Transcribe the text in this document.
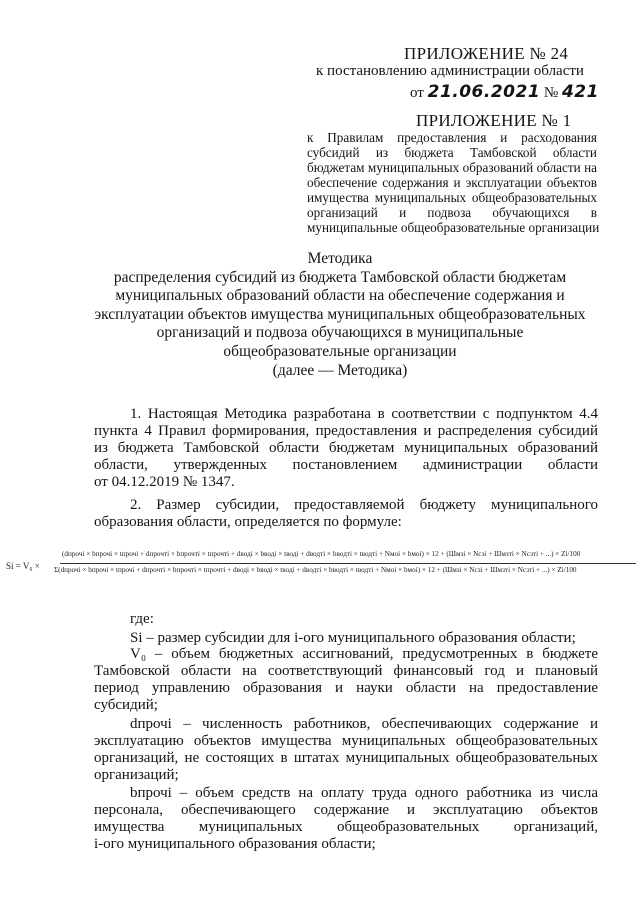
ПРИЛОЖЕНИЕ № 24
к постановлению администрации области
от 21.06.2021 № 421
ПРИЛОЖЕНИЕ № 1
к Правилам предоставления и расходования
субсидий из бюджета Тамбовской области
бюджетам муниципальных образований области на
обеспечение содержания и эксплуатации объектов
имущества муниципальных общеобразовательных
организаций и подвоза обучающихся в
муниципальные общеобразовательные организации
Методика
распределения субсидий из бюджета Тамбовской области бюджетам
муниципальных образований области на обеспечение содержания и
эксплуатации объектов имущества муниципальных общеобразовательных
организаций и подвоза обучающихся в муниципальные
общеобразовательные организации
(далее — Методика)
1. Настоящая Методика разработана в соответствии с подпунктом 4.4
пункта 4 Правил формирования, предоставления и распределения субсидий
из бюджета Тамбовской области бюджетам муниципальных образований
области, утвержденных постановлением администрации области
от 04.12.2019 № 1347.
2. Размер субсидии, предоставляемой бюджету муниципального
образования области, определяется по формуле:
Si = V₀ ×
(dпрочi × bпрочi × tпрочi + dпрочтi × bпрочтi × tпрочтi + dводi × bводi × tводi + dводтi × bводтi × tводтi + Nмоi × bмоi) × 12 + (Шмзi × Nсзi + Шмзтi × Nсзтi + ...) × Zi/100
Σ(dпрочi × bпрочi × tпрочi + dпрочтi × bпрочтi × tпрочтi + dводi × bводi × tводi + dводтi × bводтi × tводтi + Nмоi × bмоi) × 12 + (Шмзi × Nсзi + Шмзтi × Nсзтi + ...) × Zi/100
где:
Si – размер субсидии для i-ого муниципального образования области;
V₀ – объем бюджетных ассигнований, предусмотренных в бюджете
Тамбовской области на соответствующий финансовый год и плановый
период управлению образования и науки области на предоставление
субсидий;
dпрочi – численность работников, обеспечивающих содержание и
эксплуатацию объектов имущества муниципальных общеобразовательных
организаций, не состоящих в штатах муниципальных общеобразовательных
организаций;
bпрочi – объем средств на оплату труда одного работника из числа
персонала, обеспечивающего содержание и эксплуатацию объектов
имущества муниципальных общеобразовательных организаций,
i-ого муниципального образования области;
